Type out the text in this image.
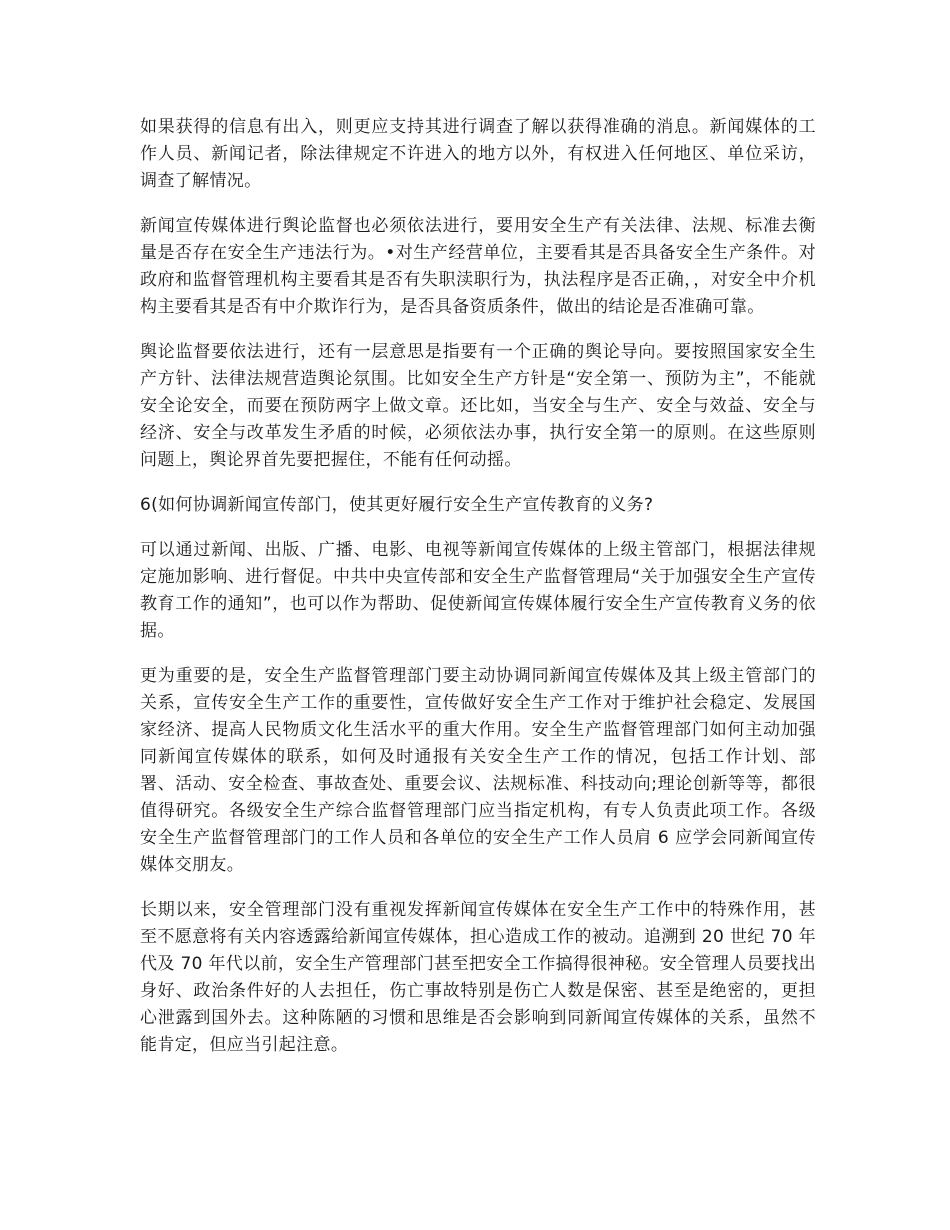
如果获得的信息有出入，则更应支持其进行调查了解以获得准确的消息。新闻媒体的工作人员、新闻记者，除法律规定不许进入的地方以外，有权进入任何地区、单位采访，调查了解情况。

新闻宣传媒体进行舆论监督也必须依法进行，要用安全生产有关法律、法规、标准去衡量是否存在安全生产违法行为。•对生产经营单位，主要看其是否具备安全生产条件。对政府和监督管理机构主要看其是否有失职渎职行为，执法程序是否正确，，对安全中介机构主要看其是否有中介欺诈行为，是否具备资质条件，做出的结论是否准确可靠。

舆论监督要依法进行，还有一层意思是指要有一个正确的舆论导向。要按照国家安全生产方针、法律法规营造舆论氛围。比如安全生产方针是“安全第一、预防为主”，不能就安全论安全，而要在预防两字上做文章。还比如，当安全与生产、安全与效益、安全与经济、安全与改革发生矛盾的时候，必须依法办事，执行安全第一的原则。在这些原则问题上，舆论界首先要把握住，不能有任何动摇。

6(如何协调新闻宣传部门，使其更好履行安全生产宣传教育的义务?

可以通过新闻、出版、广播、电影、电视等新闻宣传媒体的上级主管部门，根据法律规定施加影响、进行督促。中共中央宣传部和安全生产监督管理局“关于加强安全生产宣传教育工作的通知”，也可以作为帮助、促使新闻宣传媒体履行安全生产宣传教育义务的依据。

更为重要的是，安全生产监督管理部门要主动协调同新闻宣传媒体及其上级主管部门的关系，宣传安全生产工作的重要性，宣传做好安全生产工作对于维护社会稳定、发展国家经济、提高人民物质文化生活水平的重大作用。安全生产监督管理部门如何主动加强同新闻宣传媒体的联系，如何及时通报有关安全生产工作的情况，包括工作计划、部署、活动、安全检查、事故查处、重要会议、法规标准、科技动向;理论创新等等，都很值得研究。各级安全生产综合监督管理部门应当指定机构，有专人负责此项工作。各级安全生产监督管理部门的工作人员和各单位的安全生产工作人员肩 6 应学会同新闻宣传媒体交朋友。

长期以来，安全管理部门没有重视发挥新闻宣传媒体在安全生产工作中的特殊作用，甚至不愿意将有关内容透露给新闻宣传媒体，担心造成工作的被动。追溯到 20 世纪 70 年代及 70 年代以前，安全生产管理部门甚至把安全工作搞得很神秘。安全管理人员要找出身好、政治条件好的人去担任，伤亡事故特别是伤亡人数是保密、甚至是绝密的，更担心泄露到国外去。这种陈陋的习惯和思维是否会影响到同新闻宣传媒体的关系，虽然不能肯定，但应当引起注意。
